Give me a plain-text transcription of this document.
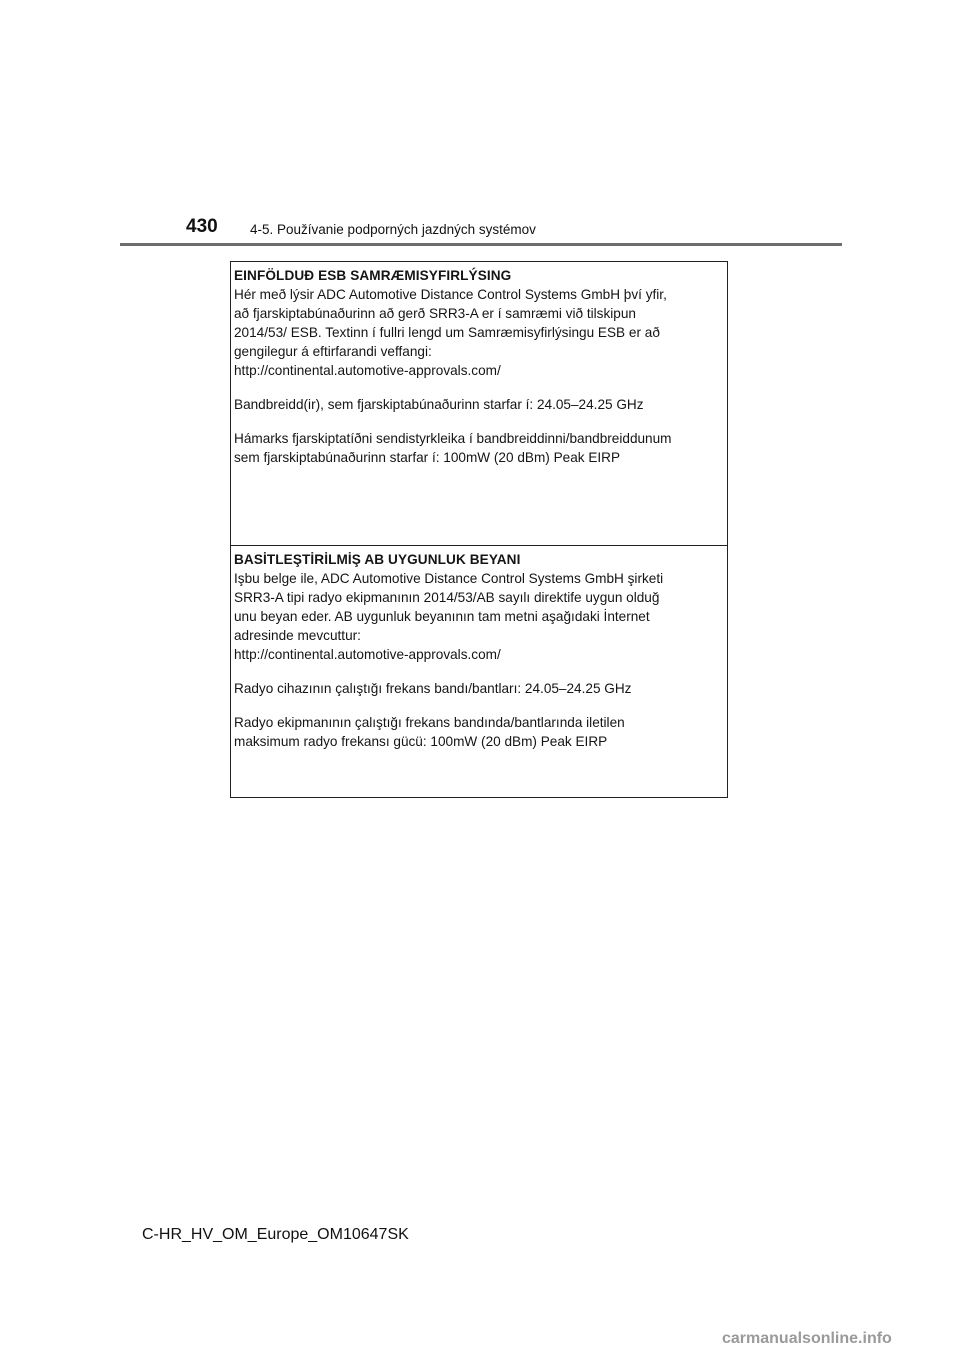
430 4-5. Používanie podporných jazdných systémov
EINFÖLDUÐ ESB SAMRÆMISYFIRLÝSING
Hér með lýsir ADC Automotive Distance Control Systems GmbH því yfir,
að fjarskiptabúnaðurinn að gerð SRR3-A er í samræmi við tilskipun
2014/53/ ESB. Textinn í fullri lengd um Samræmisyfirlýsingu ESB er að
gengilegur á eftirfarandi veffangi:
http://continental.automotive-approvals.com/
Bandbreidd(ir), sem fjarskiptabúnaðurinn starfar í: 24.05–24.25 GHz
Hámarks fjarskiptatíðni sendistyrkleika í bandbreiddinni/bandbreiddunum
sem fjarskiptabúnaðurinn starfar í: 100mW (20 dBm) Peak EIRP
BASİTLEŞTİRİLMİŞ AB UYGUNLUK BEYANI
Işbu belge ile, ADC Automotive Distance Control Systems GmbH şirketi
SRR3-A tipi radyo ekipmanının 2014/53/AB sayılı direktife uygun olduğ
unu beyan eder. AB uygunluk beyanının tam metni aşağıdaki İnternet
adresinde mevcuttur:
http://continental.automotive-approvals.com/
Radyo cihazının çalıştığı frekans bandı/bantları: 24.05–24.25 GHz
Radyo ekipmanının çalıştığı frekans bandında/bantlarında iletilen
maksimum radyo frekansı gücü: 100mW (20 dBm) Peak EIRP
C-HR_HV_OM_Europe_OM10647SK
carmanualsonline.info
